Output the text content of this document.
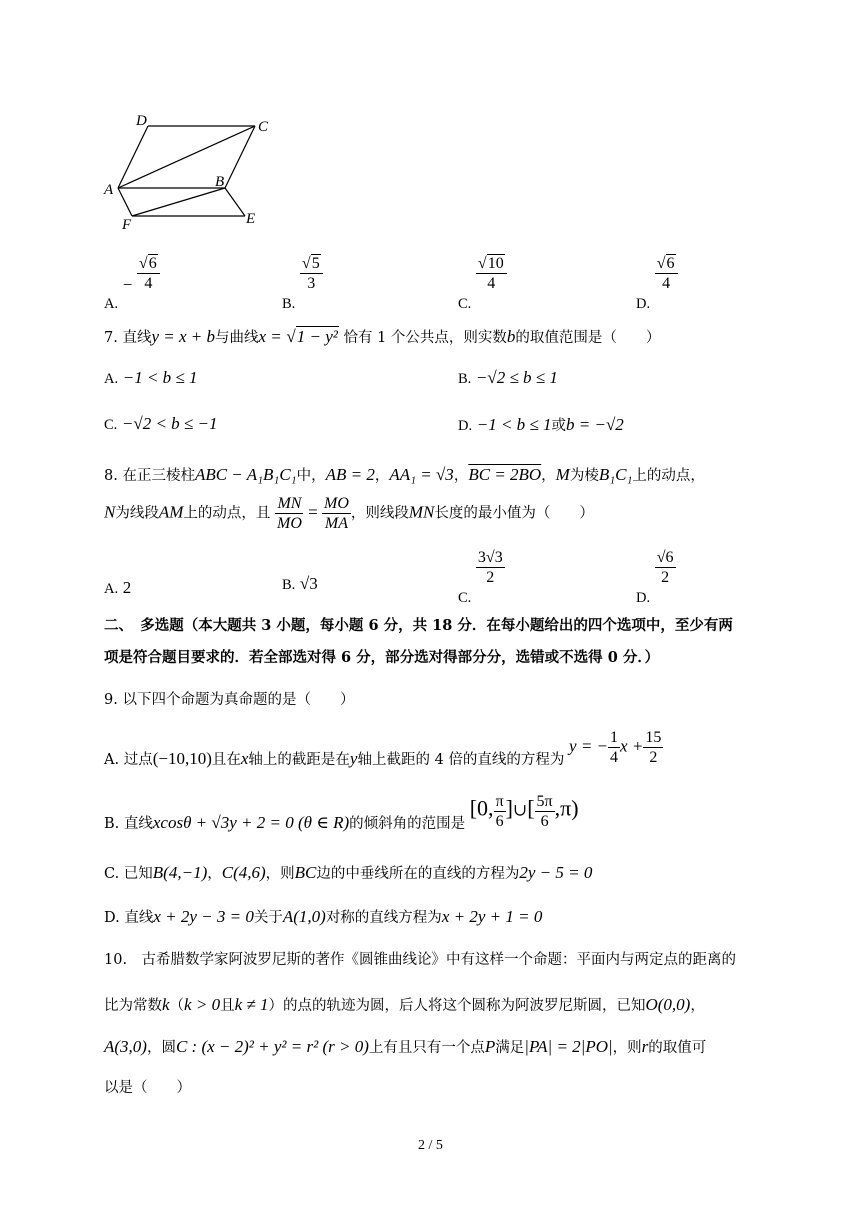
D	C
A	B
F	E
A. − √ $\frac{6}{4}$
B.
√ $\frac{5}{3}$
C.
√ $\frac{10}{4}$
D.
√ $\frac{6}{4}$
7. 直线y = x + b与曲线x = √ 1 − y² 恰有 1 个公共点，则实数b的取值范围是（　　）
A. −1 < b ≤ 1	B. −√2 ≤ b ≤ 1
C. −√2 < b ≤ −1	D. −1 < b ≤ 1或b = −√2
8. 在正三棱柱ABC − A₁B₁C₁中，AB = 2，AA₁ = √3，BC = 2BO，M为棱B₁C₁上的动点，
N为线段AM上的动点，且 $\frac{MN}{MO} = \frac{MO}{MA}$ ，则线段MN长度的最小值为（　　）
A. 2	B. √3
C.
$\frac{3√3}{2}$
D.
$\frac{√6}{2}$
二、　多选题（本大题共 3 小题，每小题 6 分，共 18 分．在每小题给出的四个选项中，至少有两
项是符合题目要求的．若全部选对得 6 分，部分选对得部分分，选错或不选得 0 分．）
9. 以下四个命题为真命题的是（　　）
A. 过点(−10,10)且在x轴上的截距是在y轴上截距的 4 倍的直线的方程为 y = − $\frac{1}{4}$ $x + \frac{15}{2}$
B. 直线xcosθ + √3y + 2 = 0 (θ ∈ R)的倾斜角的范围是 [0, $\frac{\pi}{6}$ ]∪[ $\frac{5\pi}{6} ,\pi$)
C. 已知B(4,−1)，C(4,6)，则BC边的中垂线所在的直线的方程为2y − 5 = 0
D. 直线x + 2y − 3 = 0关于A(1,0)对称的直线方程为x + 2y + 1 = 0
10.　古希腊数学家阿波罗尼斯的著作《圆锥曲线论》中有这样一个命题：平面内与两定点的距离的
比为常数k（k > 0且k ≠ 1）的点的轨迹为圆，后人将这个圆称为阿波罗尼斯圆，已知O(0,0)，
A(3,0)，圆C : (x − 2)² + y² = r² (r > 0)上有且只有一个点P满足|PA| = 2|PO|，则r的取值可
以是（　　）
2 / 5
